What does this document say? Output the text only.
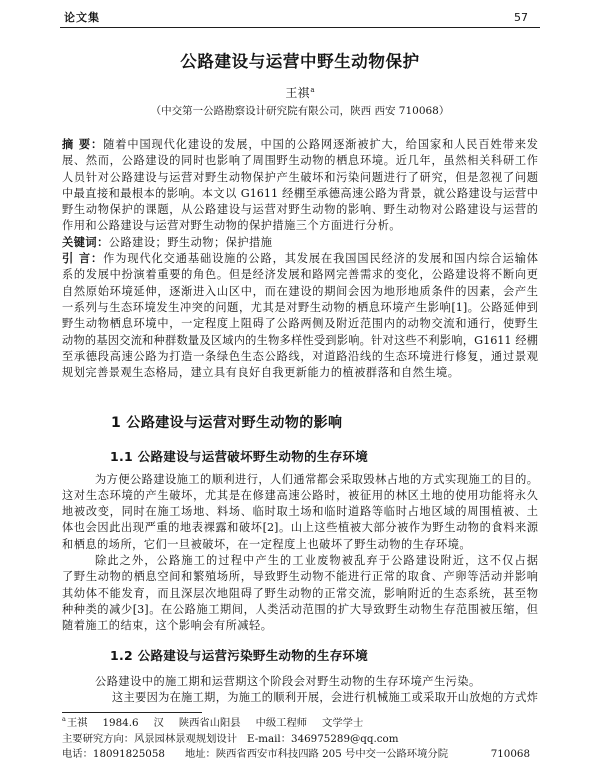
论文集	57
公路建设与运营中野生动物保护
王祺$^a$
（中交第一公路勘察设计研究院有限公司，陕西 西安 710068）
摘 要：随着中国现代化建设的发展，中国的公路网逐渐被扩大，给国家和人民百姓带来发
展、然而，公路建设的同时也影响了周围野生动物的栖息环境。近几年，虽然相关科研工作
人员针对公路建设与运营对野生动物保护产生破坏和污染问题进行了研究，但是忽视了问题
中最直接和最根本的影响。本文以 G1611 经棚至承德高速公路为背景，就公路建设与运营中
野生动物保护的课题，从公路建设与运营对野生动物的影响、野生动物对公路建设与运营的
作用和公路建设与运营对野生动物的保护措施三个方面进行分析。
关键词：公路建设；野生动物；保护措施
引 言：作为现代化交通基础设施的公路，其发展在我国国民经济的发展和国内综合运输体
系的发展中扮演着重要的角色。但是经济发展和路网完善需求的变化，公路建设将不断向更
自然原始环境延伸，逐渐进入山区中，而在建设的期间会因为地形地质条件的因素，会产生
一系列与生态环境发生冲突的问题，尤其是对野生动物的栖息环境产生影响[1]。公路延伸到
野生动物栖息环境中，一定程度上阻碍了公路两侧及附近范围内的动物交流和通行，使野生
动物的基因交流和种群数量及区域内的生物多样性受到影响。针对这些不利影响，G1611 经棚
至承德段高速公路为打造一条绿色生态公路线，对道路沿线的生态环境进行修复，通过景观
规划完善景观生态格局，建立具有良好自我更新能力的植被群落和自然生境。
1 公路建设与运营对野生动物的影响
1.1 公路建设与运营破坏野生动物的生存环境
为方便公路建设施工的顺利进行，人们通常都会采取毁林占地的方式实现施工的目的。
这对生态环境的产生破坏，尤其是在修建高速公路时，被征用的林区土地的使用功能将永久
地被改变，同时在施工场地、料场、临时取土场和临时道路等临时占地区域的周围植被、土
体也会因此出现严重的地表裸露和破坏[2]。山上这些植被大部分被作为野生动物的食料来源
和栖息的场所，它们一旦被破坏，在一定程度上也破坏了野生动物的生存环境。
除此之外，公路施工的过程中产生的工业废物被乱弃于公路建设附近，这不仅占据
了野生动物的栖息空间和繁殖场所，导致野生动物不能进行正常的取食、产卵等活动并影响
其幼体不能发育，而且深层次地阻碍了野生动物的正常交流，影响附近的生态系统，甚至物
种种类的减少[3]。在公路施工期间，人类活动范围的扩大导致野生动物生存范围被压缩，但
随着施工的结束，这个影响会有所减轻。
1.2 公路建设与运营污染野生动物的生存环境
公路建设中的施工期和运营期这个阶段会对野生动物的生存环境产生污染。
这主要因为在施工期，为施工的顺利开展，会进行机械施工或采取开山放炮的方式炸
a 王祺 1984.6 汉 陕西省山阳县 中级工程师 文学学士
主要研究方向： 风景园林景观规划设计 E-mail： 346975289@qq.com
电话： 18091825058 地址： 陕西省西安市科技四路 205 号中交一公路环境分院	710068
